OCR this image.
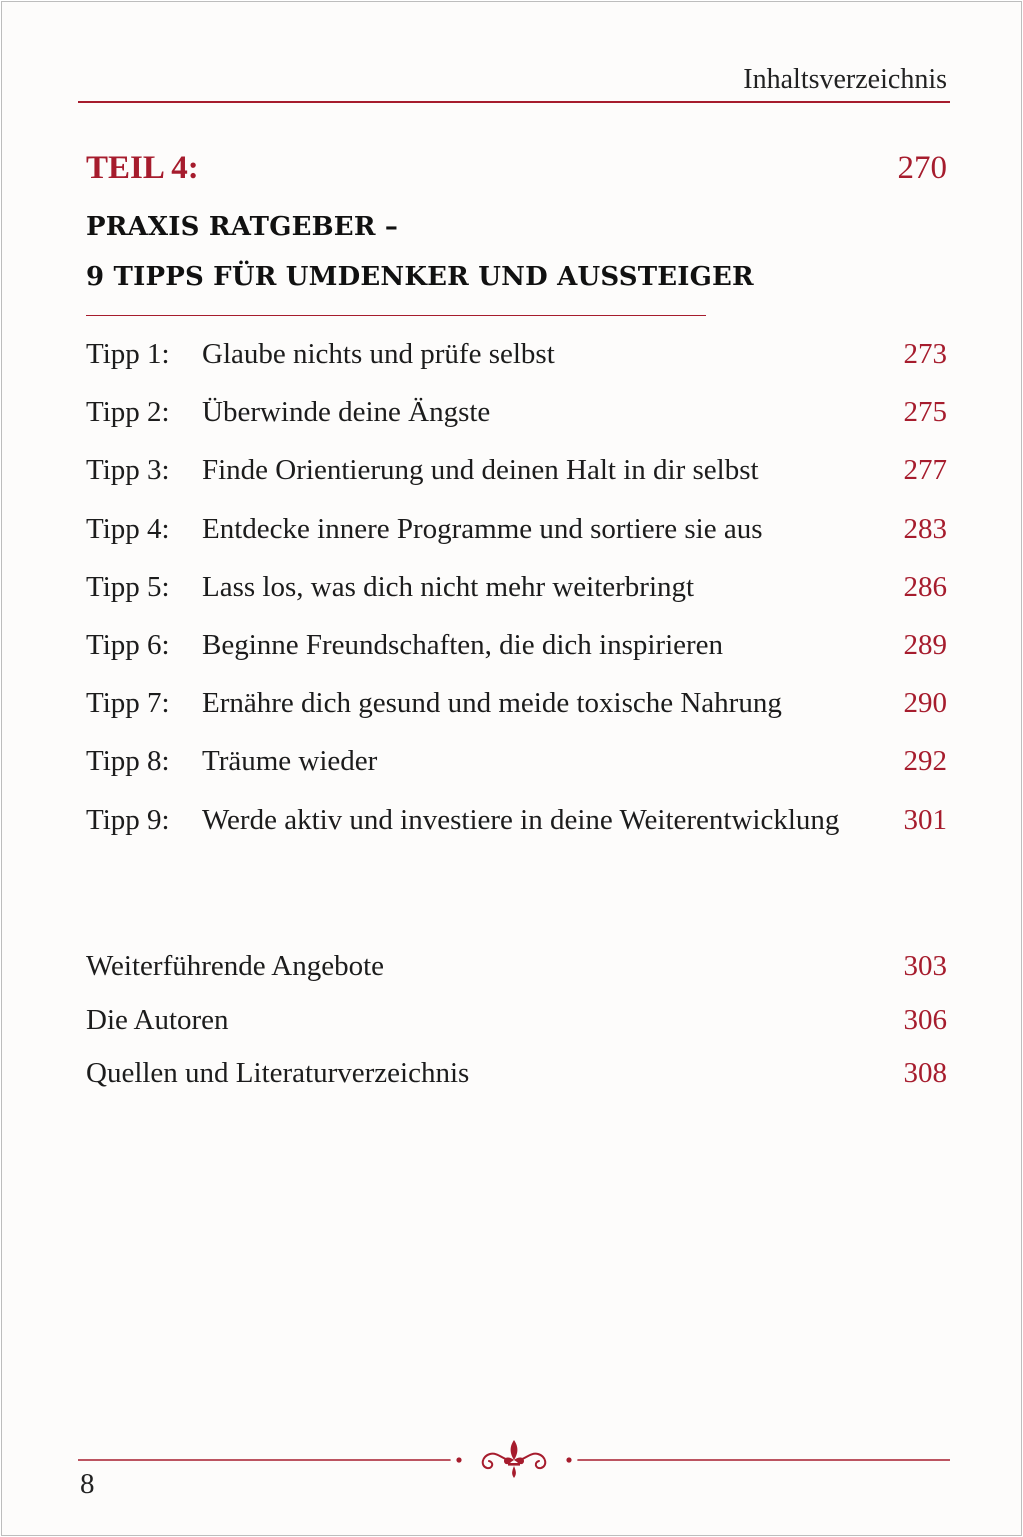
Inhaltsverzeichnis
TEIL 4:	270
PRAXIS RATGEBER –
9 TIPPS FÜR UMDENKER UND AUSSTEIGER
Tipp 1:	Glaube nichts und prüfe selbst	273
Tipp 2:	Überwinde deine Ängste	275
Tipp 3:	Finde Orientierung und deinen Halt in dir selbst	277
Tipp 4:	Entdecke innere Programme und sortiere sie aus	283
Tipp 5:	Lass los, was dich nicht mehr weiterbringt	286
Tipp 6:	Beginne Freundschaften, die dich inspirieren	289
Tipp 7:	Ernähre dich gesund und meide toxische Nahrung	290
Tipp 8:	Träume wieder	292
Tipp 9:	Werde aktiv und investiere in deine Weiterentwicklung	301
Weiterführende Angebote	303
Die Autoren	306
Quellen und Literaturverzeichnis	308
8
